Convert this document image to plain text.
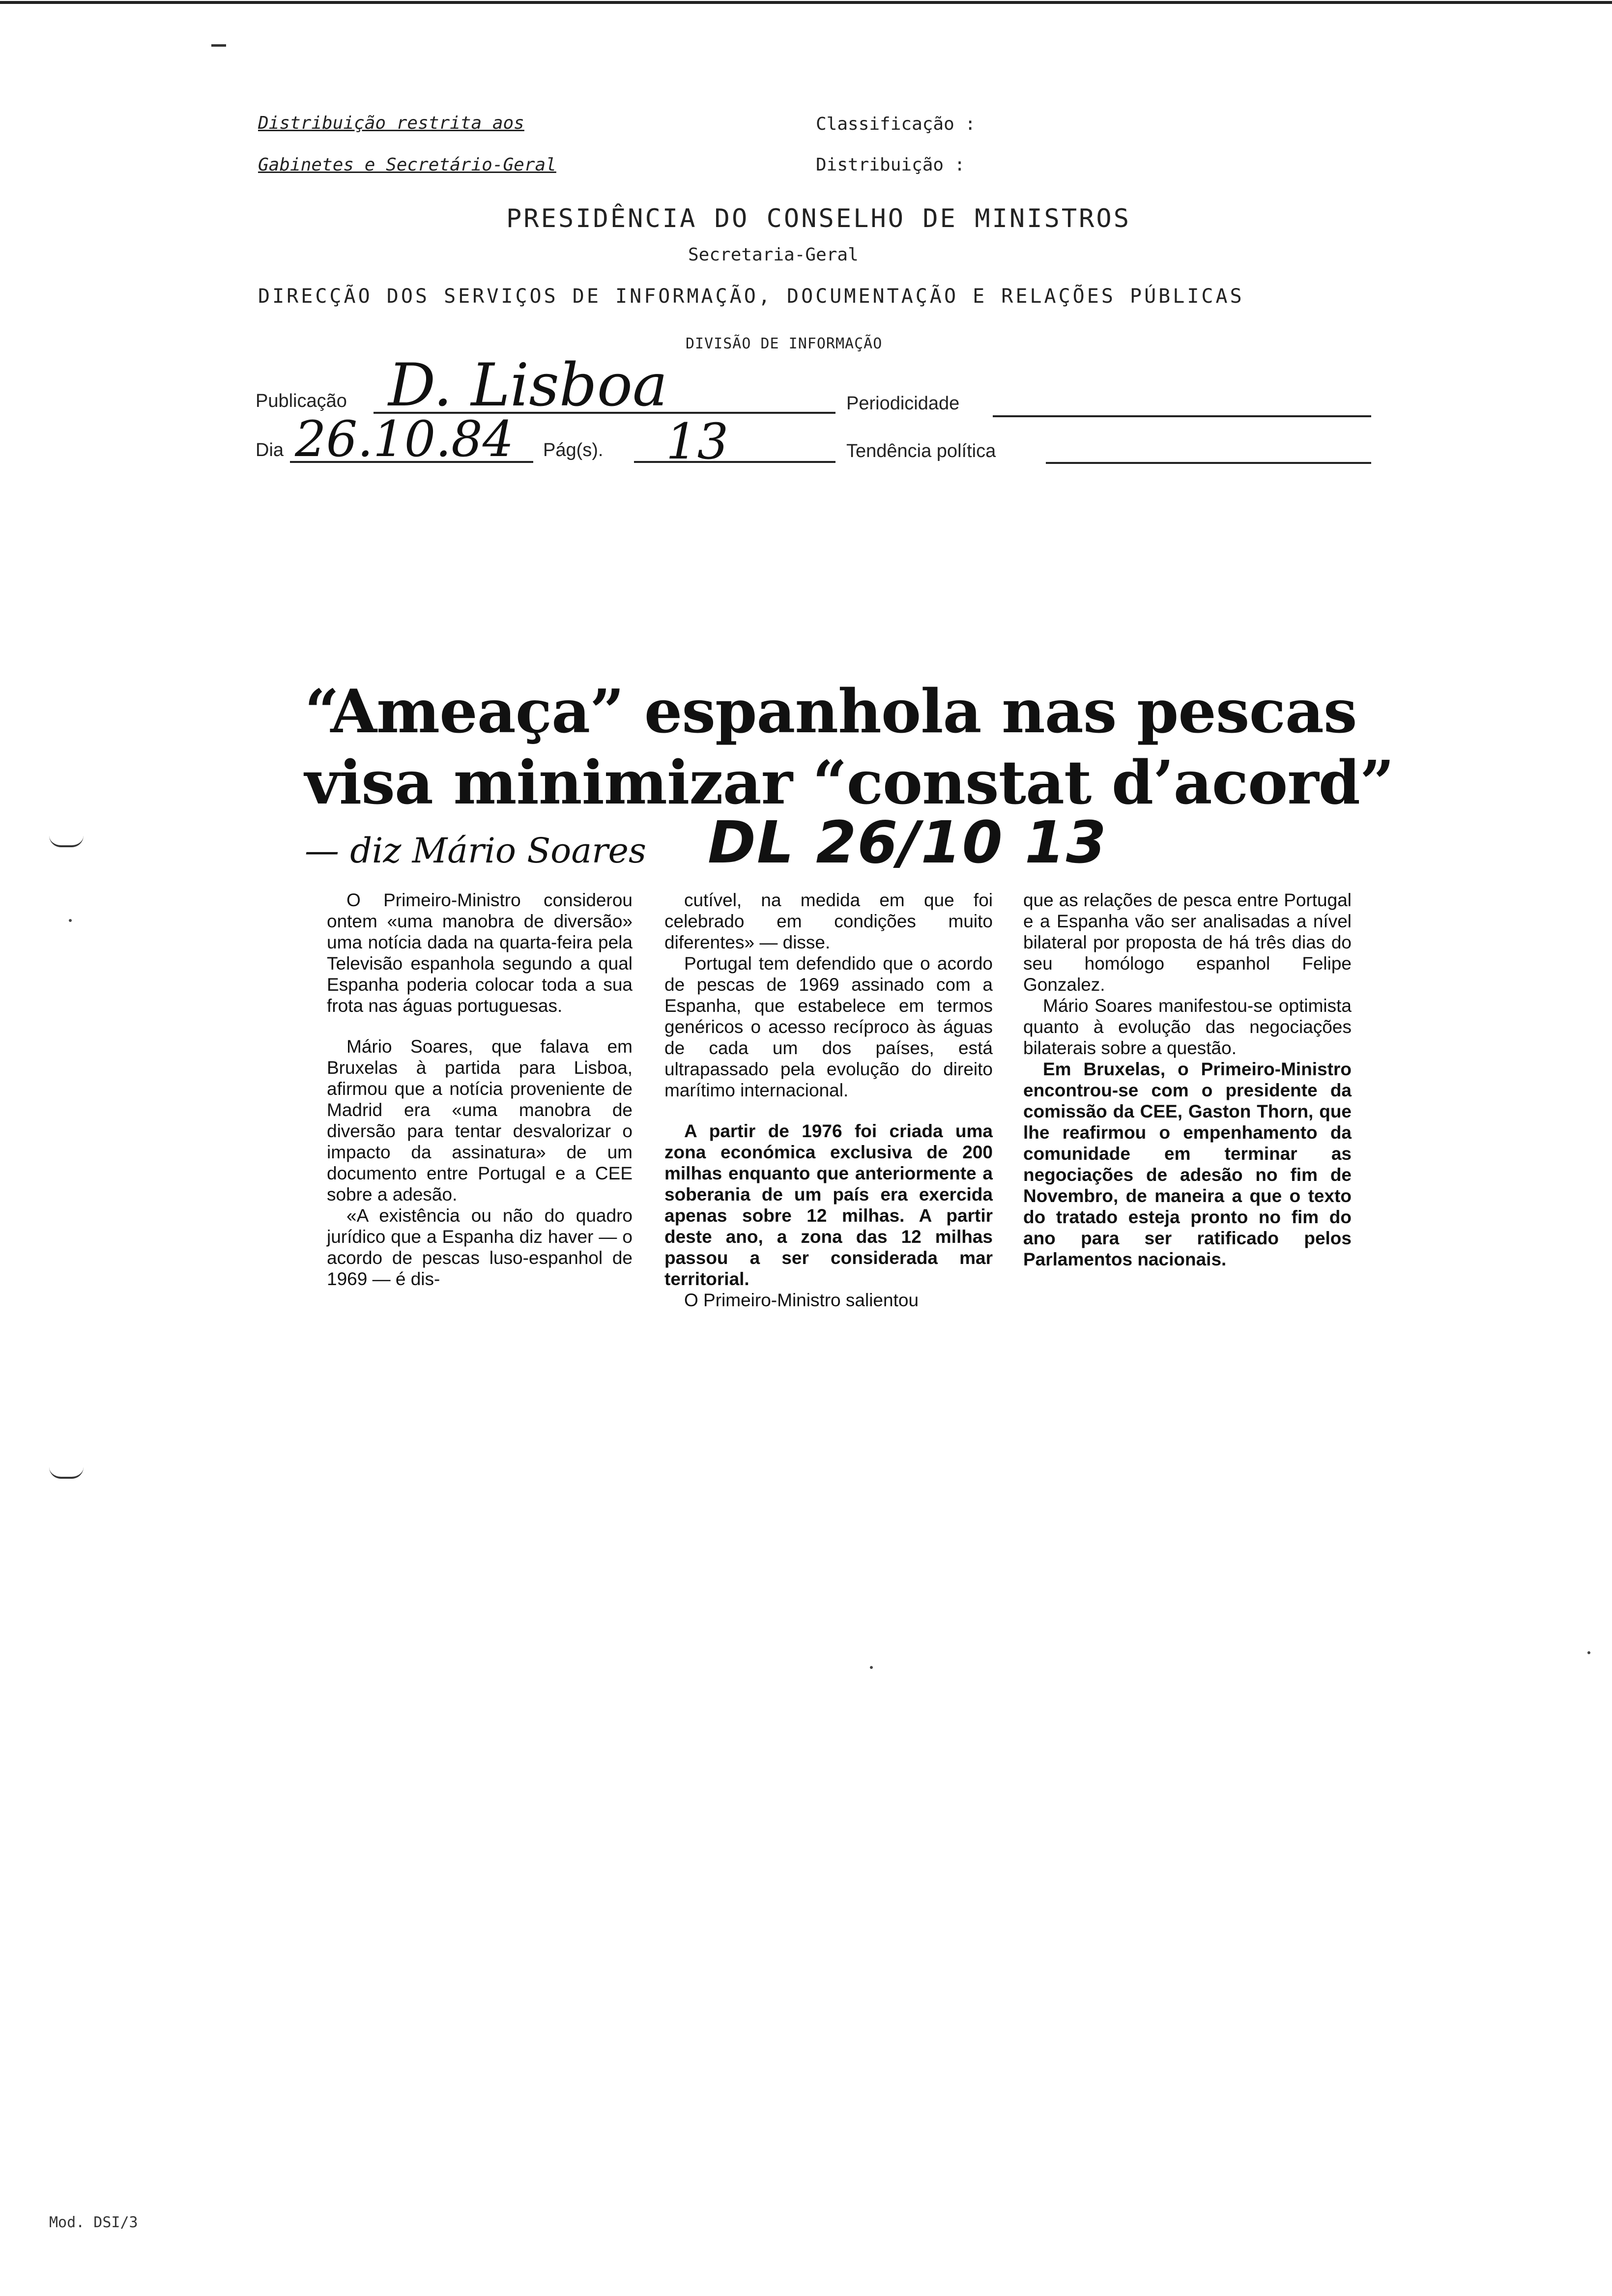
Distribuição restrita aos
Gabinetes e Secretário-Geral
Classificação :
Distribuição :
PRESIDÊNCIA DO CONSELHO DE MINISTROS
Secretaria-Geral
DIRECÇÃO DOS SERVIÇOS DE INFORMAÇÃO, DOCUMENTAÇÃO E RELAÇÕES PÚBLICAS
DIVISÃO DE INFORMAÇÃO
Publicação D. Lisboa	Periodicidade
Dia 26.10.84 Pág(s). 13	Tendência política
“Ameaça” espanhola nas pescas
visa minimizar “constat d’acord”
— diz Mário Soares DL 26/10 13

O Primeiro-Ministro considerou ontem «uma manobra de diversão» uma notícia dada na quarta-feira pela Televisão espanhola segundo a qual Espanha poderia colocar toda a sua frota nas águas portuguesas.

Mário Soares, que falava em Bruxelas à partida para Lisboa, afirmou que a notícia proveniente de Madrid era «uma manobra de diversão para tentar desvalorizar o impacto da assinatura» de um documento entre Portugal e a CEE sobre a adesão.

«A existência ou não do quadro jurídico que a Espanha diz haver — o acordo de pescas luso-espanhol de 1969 — é dis-

cutível, na medida em que foi celebrado em condições muito diferentes» — disse.

Portugal tem defendido que o acordo de pescas de 1969 assinado com a Espanha, que estabelece em termos genéricos o acesso recíproco às águas de cada um dos países, está ultrapassado pela evolução do direito marítimo internacional.

A partir de 1976 foi criada uma zona económica exclusiva de 200 milhas enquanto que anteriormente a soberania de um país era exercida apenas sobre 12 milhas. A partir deste ano, a zona das 12 milhas passou a ser considerada mar territorial.

O Primeiro-Ministro salientou

que as relações de pesca entre Portugal e a Espanha vão ser analisadas a nível bilateral por proposta de há três dias do seu homólogo espanhol Felipe Gonzalez.

Mário Soares manifestou-se optimista quanto à evolução das negociações bilaterais sobre a questão.

Em Bruxelas, o Primeiro-Ministro encontrou-se com o presidente da comissão da CEE, Gaston Thorn, que lhe reafirmou o empenhamento da comunidade em terminar as negociações de adesão no fim de Novembro, de maneira a que o texto do tratado esteja pronto no fim do ano para ser ratificado pelos Parlamentos nacionais.

Mod. DSI/3
